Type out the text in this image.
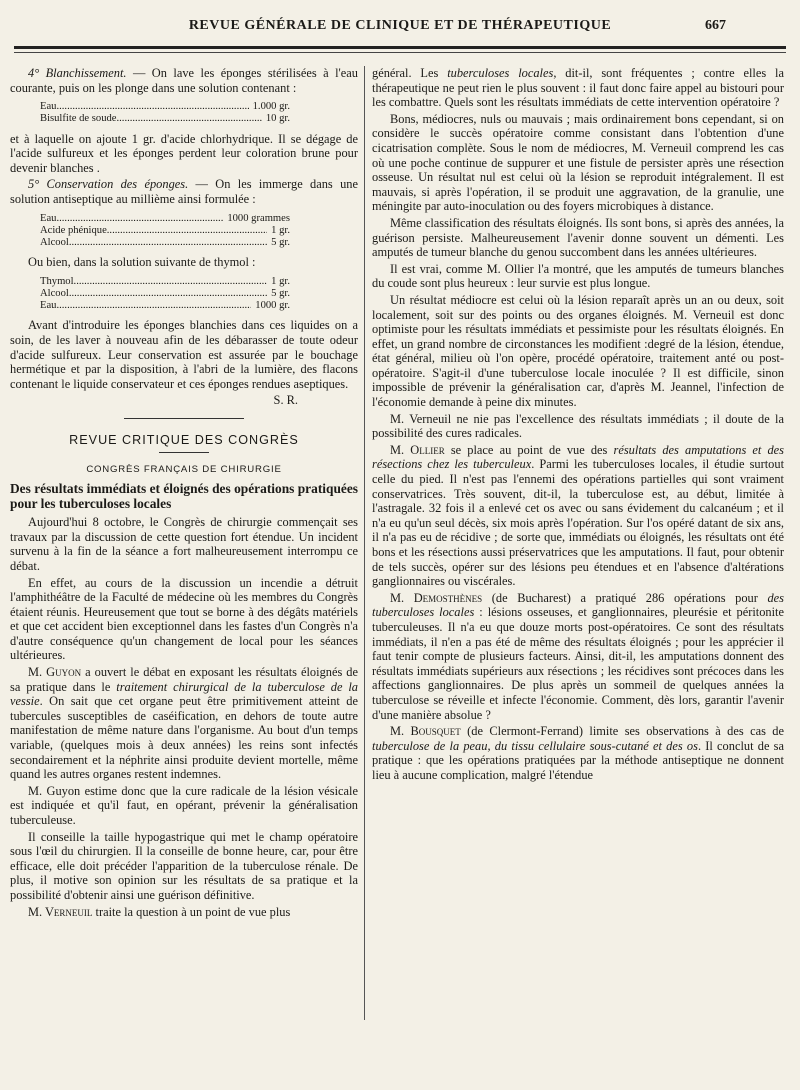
REVUE GÉNÉRALE DE CLINIQUE ET DE THÉRAPEUTIQUE	667

4° Blanchissement. — On lave les éponges stérilisées à l'eau courante, puis on les plonge dans une solution contenant :

Eau .....	1.000 gr.
Bisulfite de soude .....	10 gr.

et à laquelle on ajoute 1 gr. d'acide chlorhydrique. Il se dégage de l'acide sulfureux et les éponges perdent leur coloration brune pour devenir blanches .

5° Conservation des éponges. — On les immerge dans une solution antiseptique au millième ainsi formulée :

Eau .....	1000 grammes
Acide phénique .....	1 gr.
Alcool .....	5 gr.

Ou bien, dans la solution suivante de thymol :

Thymol .....	1 gr.
Alcool .....	5 gr.
Eau .....	1000 gr.

Avant d'introduire les éponges blanchies dans ces liquides on a soin, de les laver à nouveau afin de les débarasser de toute odeur d'acide sulfureux. Leur conservation est assurée par le bouchage hermétique et par la disposition, à l'abri de la lumière, des flacons contenant le liquide conservateur et ces éponges rendues aseptiques.

S. R.
REVUE CRITIQUE DES CONGRÈS
CONGRÈS FRANÇAIS DE CHIRURGIE
Des résultats immédiats et éloignés des opérations pratiquées pour les tuberculoses locales

Aujourd'hui 8 octobre, le Congrès de chirurgie commençait ses travaux par la discussion de cette question fort étendue. Un incident survenu à la fin de la séance a fort malheureusement interrompu ce débat.

En effet, au cours de la discussion un incendie a détruit l'amphithéâtre de la Faculté de médecine où les membres du Congrès étaient réunis. Heureusement que tout se borne à des dégâts matériels et que cet accident bien exceptionnel dans les fastes d'un Congrès n'a d'autre conséquence qu'un changement de local pour les séances ultérieures.

M. Guyon a ouvert le débat en exposant les résultats éloignés de sa pratique dans le traitement chirurgical de la tuberculose de la vessie. On sait que cet organe peut être primitivement atteint de tubercules susceptibles de caséification, en dehors de toute autre manifestation de même nature dans l'organisme. Au bout d'un temps variable, (quelques mois à deux années) les reins sont infectés secondairement et la néphrite ainsi produite devient mortelle, même quand les autres organes restent indemnes.

M. Guyon estime donc que la cure radicale de la lésion vésicale est indiquée et qu'il faut, en opérant, prévenir la généralisation tuberculeuse.

Il conseille la taille hypogastrique qui met le champ opératoire sous l'œil du chirurgien. Il la conseille de bonne heure, car, pour être efficace, elle doit précéder l'apparition de la tuberculose rénale. De plus, il motive son opinion sur les résultats de sa pratique et la possibilité d'obtenir ainsi une guérison définitive.

M. Verneuil traite la question à un point de vue plus

général. Les tuberculoses locales, dit-il, sont fréquentes ; contre elles la thérapeutique ne peut rien le plus souvent : il faut donc faire appel au bistouri pour les combattre. Quels sont les résultats immédiats de cette intervention opératoire ?

Bons, médiocres, nuls ou mauvais ; mais ordinairement bons cependant, si on considère le succès opératoire comme consistant dans l'obtention d'une cicatrisation complète. Sous le nom de médiocres, M. Verneuil comprend les cas où une poche continue de suppurer et une fistule de persister après une résection osseuse. Un résultat nul est celui où la lésion se reproduit intégralement. Il est mauvais, si après l'opération, il se produit une aggravation, de la granulie, une méningite par auto-inoculation ou des foyers microbiques à distance.

Même classification des résultats éloignés. Ils sont bons, si après des années, la guérison persiste. Malheureusement l'avenir donne souvent un démenti. Les amputés de tumeur blanche du genou succombent dans les années ultérieures.

Il est vrai, comme M. Ollier l'a montré, que les amputés de tumeurs blanches du coude sont plus heureux : leur survie est plus longue.

Un résultat médiocre est celui où la lésion reparaît après un an ou deux, soit localement, soit sur des points ou des organes éloignés. M. Verneuil est donc optimiste pour les résultats immédiats et pessimiste pour les résultats éloignés. En effet, un grand nombre de circonstances les modifient :degré de la lésion, étendue, état général, milieu où l'on opère, procédé opératoire, traitement anté ou post-opératoire. S'agit-il d'une tuberculose locale inoculée ? Il est difficile, sinon impossible de prévenir la généralisation car, d'après M. Jeannel, l'infection de l'économie demande à peine dix minutes.

M. Verneuil ne nie pas l'excellence des résultats immédiats ; il doute de la possibilité des cures radicales.

M. Ollier se place au point de vue des résultats des amputations et des résections chez les tuberculeux. Parmi les tuberculoses locales, il étudie surtout celle du pied. Il n'est pas l'ennemi des opérations partielles qui sont vraiment conservatrices. Très souvent, dit-il, la tuberculose est, au début, limitée à l'astragale. 32 fois il a enlevé cet os avec ou sans évidement du calcanéum ; et il n'a eu qu'un seul décès, six mois après l'opération. Sur l'os opéré datant de six ans, il n'a pas eu de récidive ; de sorte que, immédiats ou éloignés, les résultats ont été bons et les résections aussi préservatrices que les amputations. Il faut, pour obtenir de tels succès, opérer sur des lésions peu étendues et en l'absence d'altérations ganglionnaires ou viscérales.

M. Demosthènes (de Bucharest) a pratiqué 286 opérations pour des tuberculoses locales : lésions osseuses, et ganglionnaires, pleurésie et péritonite tuberculeuses. Il n'a eu que douze morts post-opératoires. Ce sont des résultats immédiats, il n'en a pas été de même des résultats éloignés ; pour les apprécier il faut tenir compte de plusieurs facteurs. Ainsi, dit-il, les amputations donnent des résultats immédiats supérieurs aux résections ; les récidives sont précoces dans les affections ganglionnaires. De plus après un sommeil de quelques années la tuberculose se réveille et infecte l'économie. Comment, dès lors, garantir l'avenir d'une manière absolue ?

M. Bousquet (de Clermont-Ferrand) limite ses observations à des cas de tuberculose de la peau, du tissu cellulaire sous-cutané et des os. Il conclut de sa pratique : que les opérations pratiquées par la méthode antiseptique ne donnent lieu à aucune complication, malgré l'étendue
